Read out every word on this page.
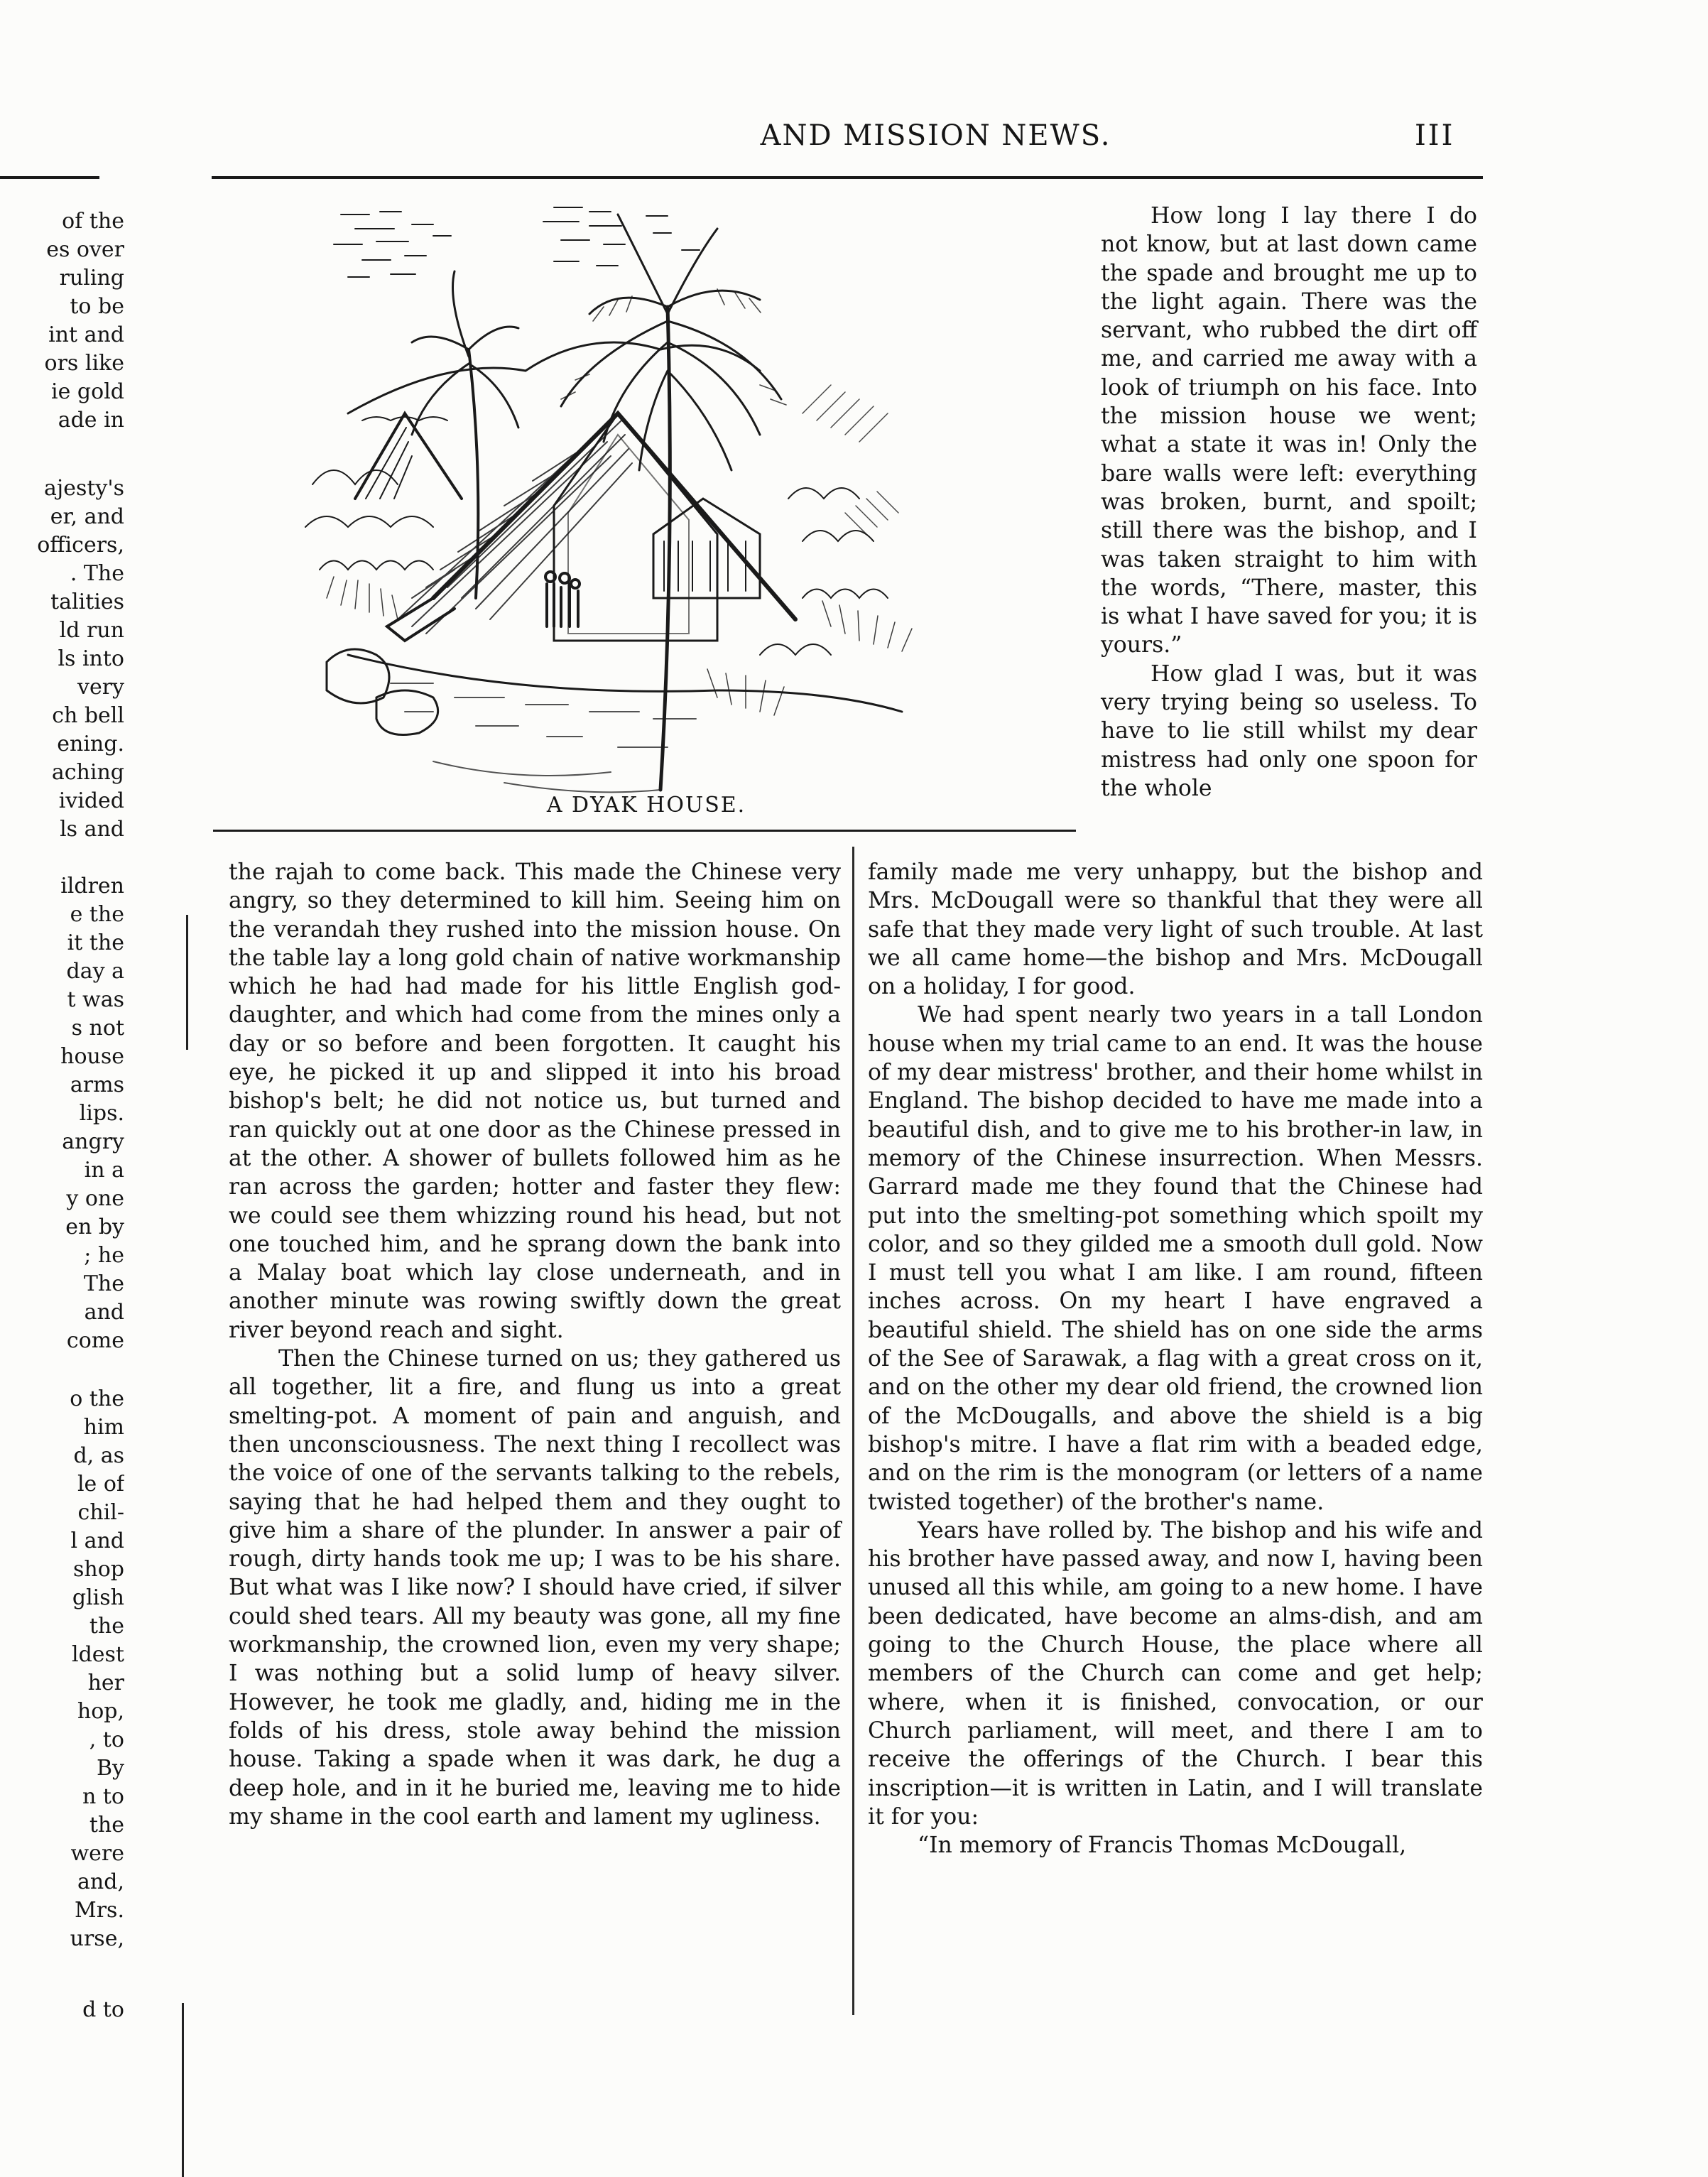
AND MISSION NEWS.	III
of the
es over
ruling
to be
int and
ors like
ie gold
ade in
ajesty's
er, and
officers,
. The
talities
ld run
ls into
very
ch bell
ening.
aching
ivided
ls and
ildren
e the
it the
day a
t was
s not
house
arms
lips.
angry
in a
y one
en by
; he
The
and
come
o the
him
d, as
le of
chil-
l and
shop
glish
the
ldest
her
hop,
, to
By
n to
the
were
and,
Mrs.
urse,
d to
A DYAK HOUSE.

How long I lay there I do not know, but at last down came the spade and brought me up to the light again. There was the servant, who rubbed the dirt off me, and carried me away with a look of triumph on his face. Into the mission house we went; what a state it was in! Only the bare walls were left: everything was broken, burnt, and spoilt; still there was the bishop, and I was taken straight to him with the words, “There, master, this is what I have saved for you; it is yours.”

How glad I was, but it was very trying being so useless. To have to lie still whilst my dear mistress had only one spoon for the whole

the rajah to come back. This made the Chinese very angry, so they determined to kill him. Seeing him on the verandah they rushed into the mission house. On the table lay a long gold chain of native workmanship which he had had made for his little English god-daughter, and which had come from the mines only a day or so before and been forgotten. It caught his eye, he picked it up and slipped it into his broad bishop's belt; he did not notice us, but turned and ran quickly out at one door as the Chinese pressed in at the other. A shower of bullets followed him as he ran across the garden; hotter and faster they flew: we could see them whizzing round his head, but not one touched him, and he sprang down the bank into a Malay boat which lay close underneath, and in another minute was rowing swiftly down the great river beyond reach and sight.

Then the Chinese turned on us; they gathered us all together, lit a fire, and flung us into a great smelting-pot. A moment of pain and anguish, and then unconsciousness. The next thing I recollect was the voice of one of the servants talking to the rebels, saying that he had helped them and they ought to give him a share of the plunder. In answer a pair of rough, dirty hands took me up; I was to be his share. But what was I like now? I should have cried, if silver could shed tears. All my beauty was gone, all my fine workmanship, the crowned lion, even my very shape; I was nothing but a solid lump of heavy silver. However, he took me gladly, and, hiding me in the folds of his dress, stole away behind the mission house. Taking a spade when it was dark, he dug a deep hole, and in it he buried me, leaving me to hide my shame in the cool earth and lament my ugliness.

family made me very unhappy, but the bishop and Mrs. McDougall were so thankful that they were all safe that they made very light of such trouble. At last we all came home—the bishop and Mrs. McDougall on a holiday, I for good.

We had spent nearly two years in a tall London house when my trial came to an end. It was the house of my dear mistress' brother, and their home whilst in England. The bishop decided to have me made into a beautiful dish, and to give me to his brother-in law, in memory of the Chinese insurrection. When Messrs. Garrard made me they found that the Chinese had put into the smelting-pot something which spoilt my color, and so they gilded me a smooth dull gold. Now I must tell you what I am like. I am round, fifteen inches across. On my heart I have engraved a beautiful shield. The shield has on one side the arms of the See of Sarawak, a flag with a great cross on it, and on the other my dear old friend, the crowned lion of the McDougalls, and above the shield is a big bishop's mitre. I have a flat rim with a beaded edge, and on the rim is the monogram (or letters of a name twisted together) of the brother's name.

Years have rolled by. The bishop and his wife and his brother have passed away, and now I, having been unused all this while, am going to a new home. I have been dedicated, have become an alms-dish, and am going to the Church House, the place where all members of the Church can come and get help; where, when it is finished, convocation, or our Church parliament, will meet, and there I am to receive the offerings of the Church. I bear this inscription—it is written in Latin, and I will translate it for you:

“In memory of Francis Thomas McDougall,
